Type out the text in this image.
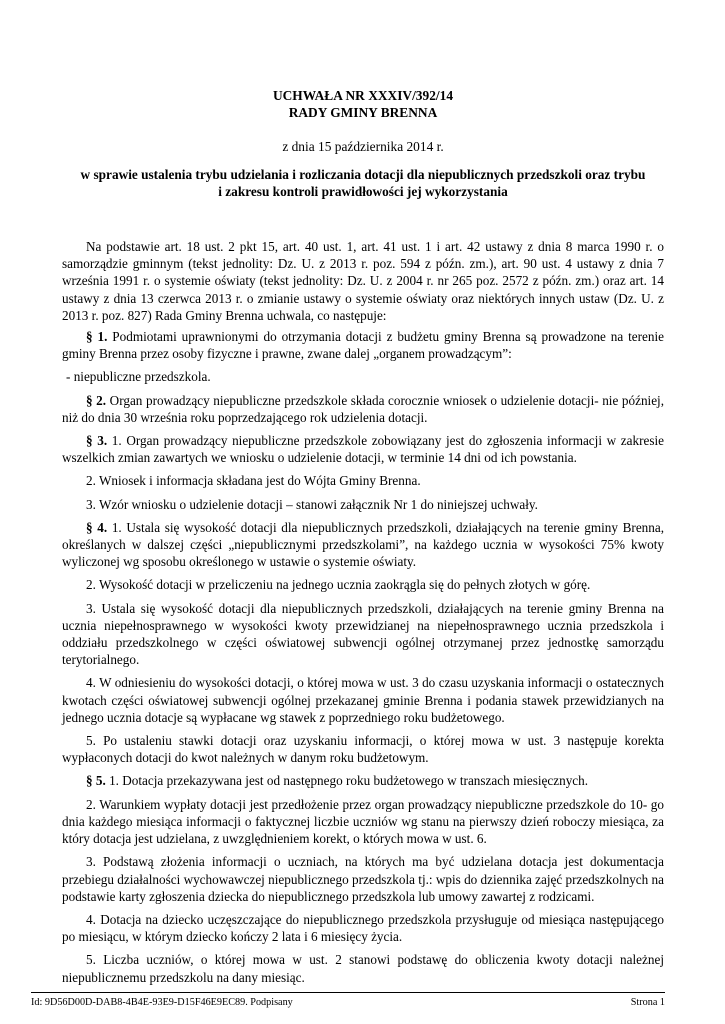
UCHWAŁA NR XXXIV/392/14

RADY GMINY BRENNA

z dnia 15 października 2014 r.

w sprawie ustalenia trybu udzielania i rozliczania dotacji dla niepublicznych przedszkoli oraz trybu

i zakresu kontroli prawidłowości jej wykorzystania

Na podstawie art. 18 ust. 2 pkt 15, art. 40 ust. 1, art. 41 ust. 1 i art. 42 ustawy z dnia 8 marca 1990 r. o samorządzie gminnym (tekst jednolity: Dz. U. z 2013 r. poz. 594 z późn. zm.), art. 90 ust. 4 ustawy z dnia 7 września 1991 r. o systemie oświaty (tekst jednolity: Dz. U. z 2004 r. nr 265 poz. 2572 z późn. zm.) oraz art. 14 ustawy z dnia 13 czerwca 2013 r. o zmianie ustawy o systemie oświaty oraz niektórych innych ustaw (Dz. U. z 2013 r. poz. 827) Rada Gminy Brenna uchwala, co następuje:

§ 1. Podmiotami uprawnionymi do otrzymania dotacji z budżetu gminy Brenna są prowadzone na terenie gminy Brenna przez osoby fizyczne i prawne, zwane dalej „organem prowadzącym”:

- niepubliczne przedszkola.

§ 2. Organ prowadzący niepubliczne przedszkole składa corocznie wniosek o udzielenie dotacji- nie później, niż do dnia 30 września roku poprzedzającego rok udzielenia dotacji.

§ 3. 1. Organ prowadzący niepubliczne przedszkole zobowiązany jest do zgłoszenia informacji w zakresie wszelkich zmian zawartych we wniosku o udzielenie dotacji, w terminie 14 dni od ich powstania.

2. Wniosek i informacja składana jest do Wójta Gminy Brenna.

3. Wzór wniosku o udzielenie dotacji – stanowi załącznik Nr 1 do niniejszej uchwały.

§ 4. 1. Ustala się wysokość dotacji dla niepublicznych przedszkoli, działających na terenie gminy Brenna, określanych w dalszej części „niepublicznymi przedszkolami”, na każdego ucznia w wysokości 75% kwoty wyliczonej wg sposobu określonego w ustawie o systemie oświaty.

2. Wysokość dotacji w przeliczeniu na jednego ucznia zaokrągla się do pełnych złotych w górę.

3. Ustala się wysokość dotacji dla niepublicznych przedszkoli, działających na terenie gminy Brenna na ucznia niepełnosprawnego w wysokości kwoty przewidzianej na niepełnosprawnego ucznia przedszkola i oddziału przedszkolnego w części oświatowej subwencji ogólnej otrzymanej przez jednostkę samorządu terytorialnego.

4. W odniesieniu do wysokości dotacji, o której mowa w ust. 3 do czasu uzyskania informacji o ostatecznych kwotach części oświatowej subwencji ogólnej przekazanej gminie Brenna i podania stawek przewidzianych na jednego ucznia dotacje są wypłacane wg stawek z poprzedniego roku budżetowego.

5. Po ustaleniu stawki dotacji oraz uzyskaniu informacji, o której mowa w ust. 3 następuje korekta wypłaconych dotacji do kwot należnych w danym roku budżetowym.

§ 5. 1. Dotacja przekazywana jest od następnego roku budżetowego w transzach miesięcznych.

2. Warunkiem wypłaty dotacji jest przedłożenie przez organ prowadzący niepubliczne przedszkole do 10- go dnia każdego miesiąca informacji o faktycznej liczbie uczniów wg stanu na pierwszy dzień roboczy miesiąca, za który dotacja jest udzielana, z uwzględnieniem korekt, o których mowa w ust. 6.

3. Podstawą złożenia informacji o uczniach, na których ma być udzielana dotacja jest dokumentacja przebiegu działalności wychowawczej niepublicznego przedszkola tj.: wpis do dziennika zajęć przedszkolnych na podstawie karty zgłoszenia dziecka do niepublicznego przedszkola lub umowy zawartej z rodzicami.

4. Dotacja na dziecko uczęszczające do niepublicznego przedszkola przysługuje od miesiąca następującego po miesiącu, w którym dziecko kończy 2 lata i 6 miesięcy życia.

5. Liczba uczniów, o której mowa w ust. 2 stanowi podstawę do obliczenia kwoty dotacji należnej niepublicznemu przedszkolu na dany miesiąc.

Id: 9D56D00D-DAB8-4B4E-93E9-D15F46E9EC89. Podpisany	Strona 1
